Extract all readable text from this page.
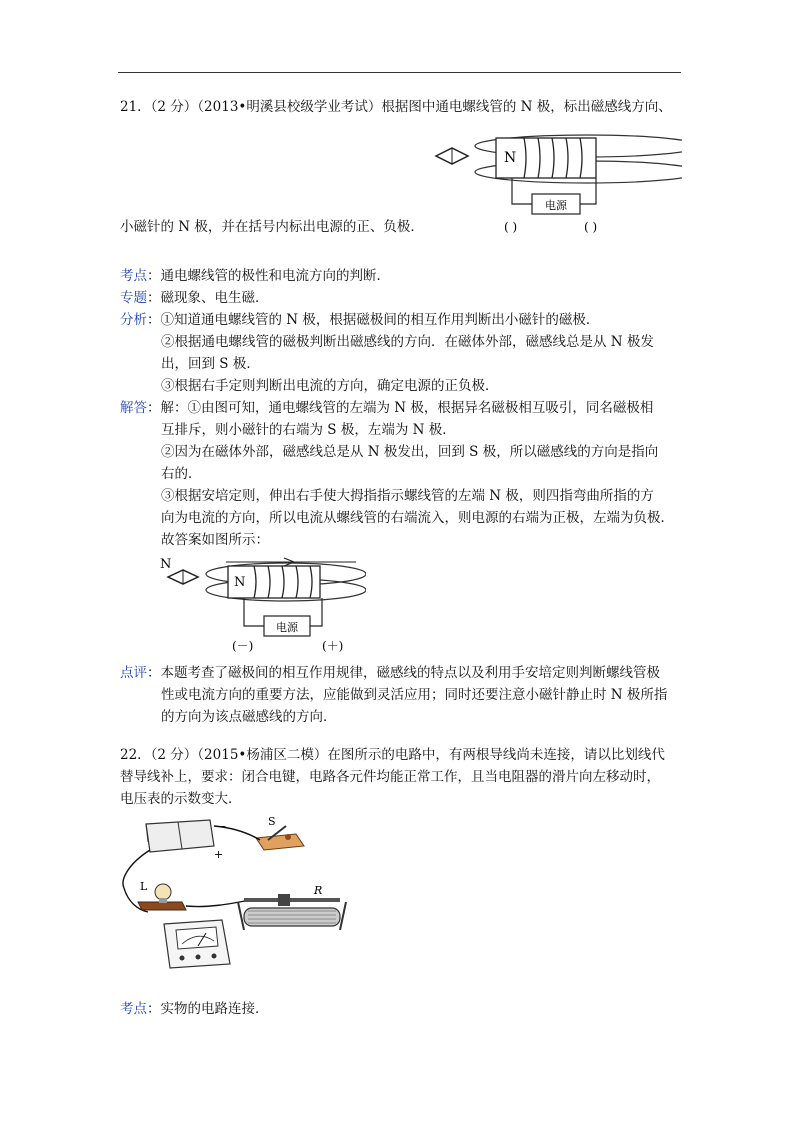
21．（2 分）（2013•明溪县校级学业考试）根据图中通电螺线管的 N 极，标出磁感线方向、
N
电源
( )	( )
小磁针的 N 极，并在括号内标出电源的正、负极．
考点：通电螺线管的极性和电流方向的判断．
专题：磁现象、电生磁．
分析：①知道通电螺线管的 N 极，根据磁极间的相互作用判断出小磁针的磁极．
②根据通电螺线管的磁极判断出磁感线的方向．在磁体外部，磁感线总是从 N 极发
出，回到 S 极．
③根据右手定则判断出电流的方向，确定电源的正负极．
解答：解：①由图可知，通电螺线管的左端为 N 极，根据异名磁极相互吸引，同名磁极相
互排斥，则小磁针的右端为 S 极，左端为 N 极．
②因为在磁体外部，磁感线总是从 N 极发出，回到 S 极，所以磁感线的方向是指向
右的．
③根据安培定则，伸出右手使大拇指指示螺线管的左端 N 极，则四指弯曲所指的方
向为电流的方向，所以电流从螺线管的右端流入，则电源的右端为正极，左端为负极．
故答案如图所示：
N
N
电源
(－)	(＋)
点评：本题考查了磁极间的相互作用规律，磁感线的特点以及利用手安培定则判断螺线管极
性或电流方向的重要方法，应能做到灵活应用；同时还要注意小磁针静止时 N 极所指
的方向为该点磁感线的方向．
22．（2 分）（2015•杨浦区二模）在图所示的电路中，有两根导线尚未连接，请以比划线代
替导线补上，要求：闭合电键，电路各元件均能正常工作，且当电阻器的滑片向左移动时，
电压表的示数变大．
－
+
S
L	R
考点：实物的电路连接．
